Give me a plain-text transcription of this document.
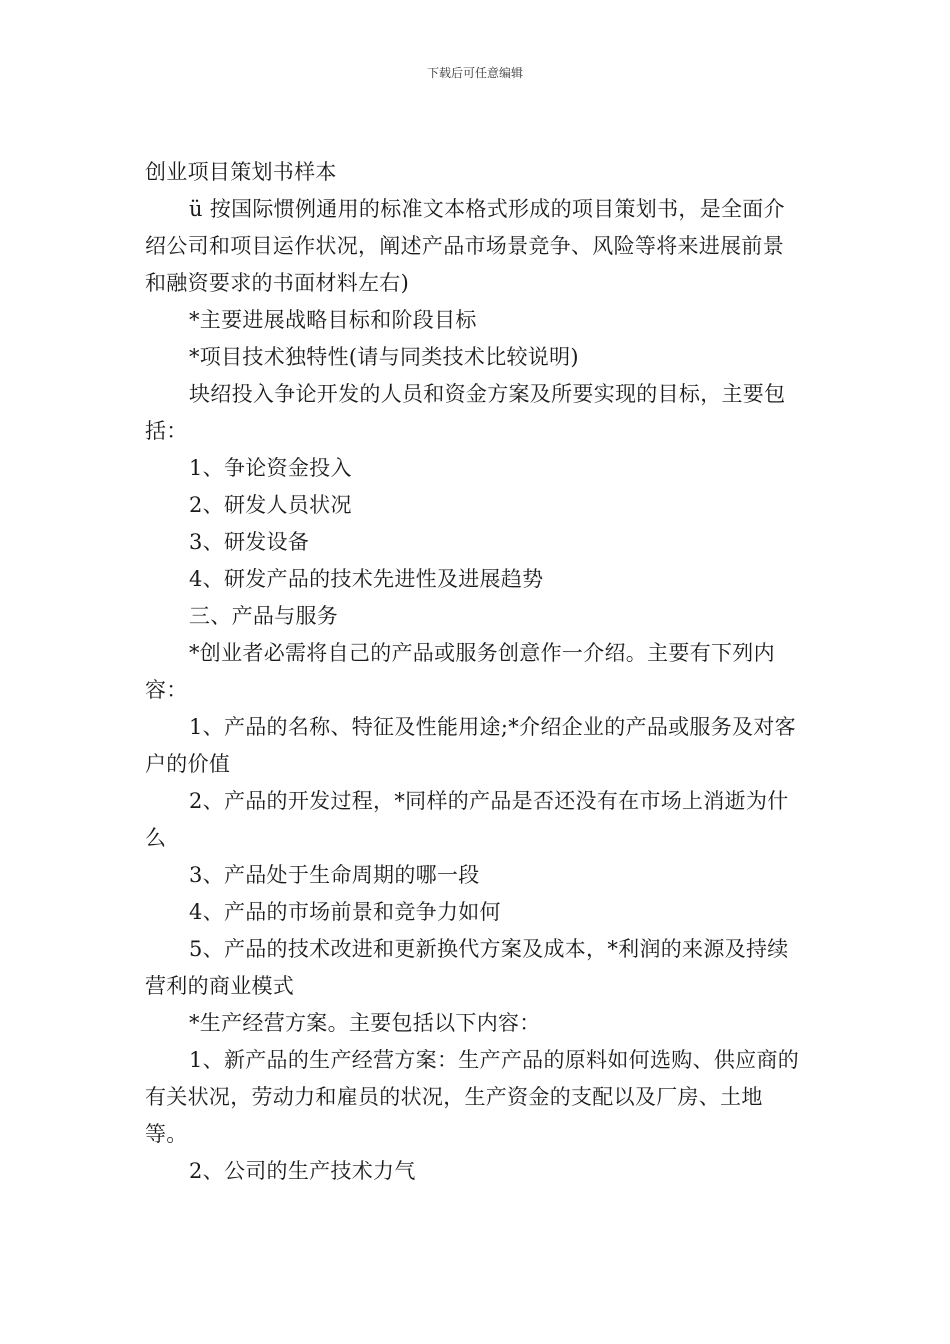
下载后可任意编辑

创业项目策划书样本

ü 按国际惯例通用的标准文本格式形成的项目策划书，是全面介绍公司和项目运作状况，阐述产品市场景竞争、风险等将来进展前景和融资要求的书面材料左右)

*主要进展战略目标和阶段目标

*项目技术独特性(请与同类技术比较说明)

块绍投入争论开发的人员和资金方案及所要实现的目标，主要包括：

1、争论资金投入

2、研发人员状况

3、研发设备

4、研发产品的技术先进性及进展趋势

三、产品与服务

*创业者必需将自己的产品或服务创意作一介绍。主要有下列内容：

1、产品的名称、特征及性能用途;*介绍企业的产品或服务及对客户的价值

2、产品的开发过程，*同样的产品是否还没有在市场上消逝为什么

3、产品处于生命周期的哪一段

4、产品的市场前景和竞争力如何

5、产品的技术改进和更新换代方案及成本，*利润的来源及持续营利的商业模式

*生产经营方案。主要包括以下内容：

1、新产品的生产经营方案：生产产品的原料如何选购、供应商的有关状况，劳动力和雇员的状况，生产资金的支配以及厂房、土地等。

2、公司的生产技术力气
